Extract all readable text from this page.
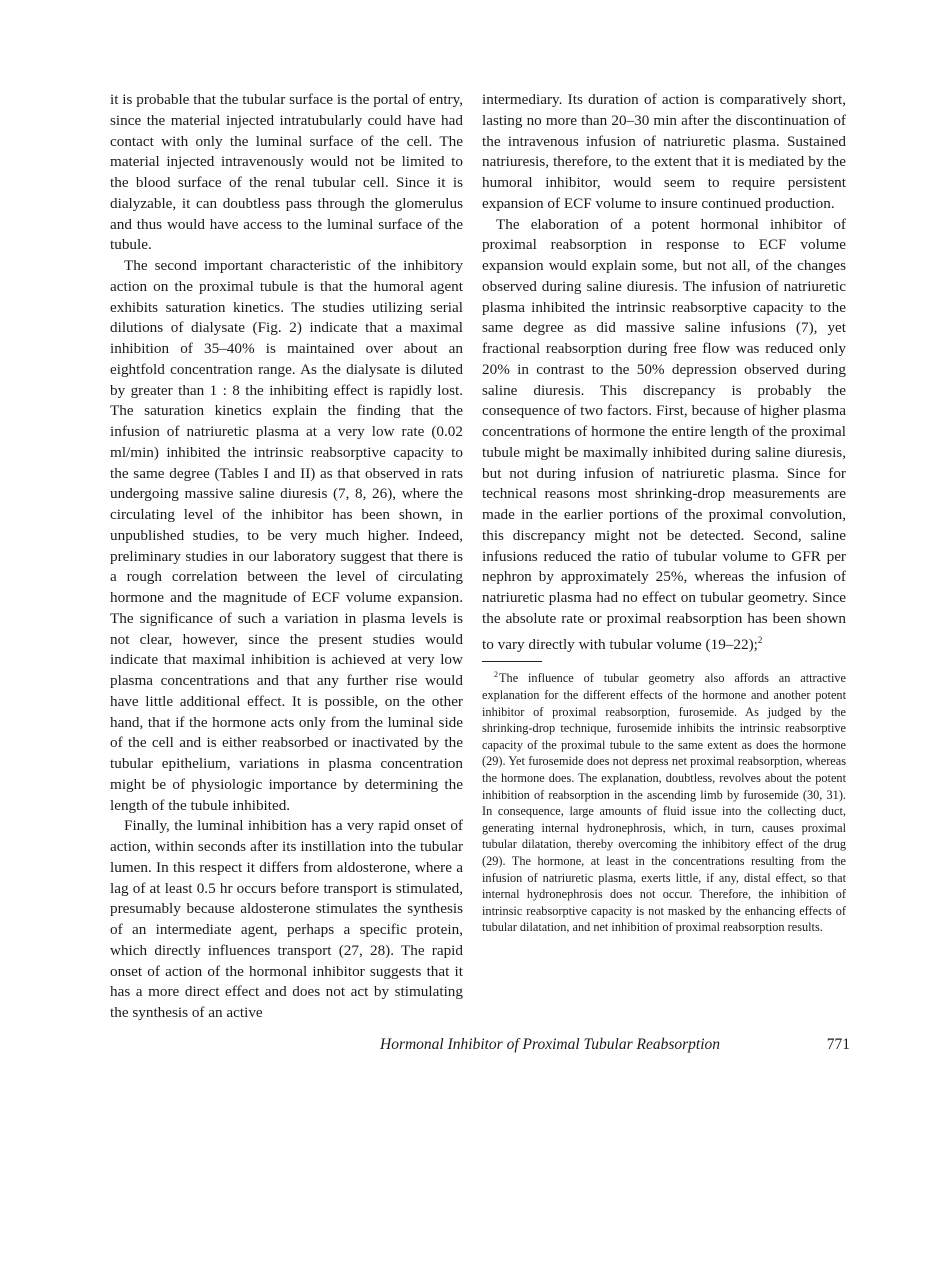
it is probable that the tubular surface is the portal of entry, since the material injected intratubularly could have had contact with only the luminal surface of the cell. The material injected intravenously would not be limited to the blood surface of the renal tubular cell. Since it is dialyzable, it can doubtless pass through the glomerulus and thus would have access to the luminal surface of the tubule.

The second important characteristic of the inhibitory action on the proximal tubule is that the humoral agent exhibits saturation kinetics. The studies utilizing serial dilutions of dialysate (Fig. 2) indicate that a maximal inhibition of 35–40% is maintained over about an eightfold concentration range. As the dialysate is diluted by greater than 1 : 8 the inhibiting effect is rapidly lost. The saturation kinetics explain the finding that the infusion of natriuretic plasma at a very low rate (0.02 ml/min) inhibited the intrinsic reabsorptive capacity to the same degree (Tables I and II) as that observed in rats undergoing massive saline diuresis (7, 8, 26), where the circulating level of the inhibitor has been shown, in unpublished studies, to be very much higher. Indeed, preliminary studies in our laboratory suggest that there is a rough correlation between the level of circulating hormone and the magnitude of ECF volume expansion. The significance of such a variation in plasma levels is not clear, however, since the present studies would indicate that maximal inhibition is achieved at very low plasma concentrations and that any further rise would have little additional effect. It is possible, on the other hand, that if the hormone acts only from the luminal side of the cell and is either reabsorbed or inactivated by the tubular epithelium, variations in plasma concentration might be of physiologic importance by determining the length of the tubule inhibited.

Finally, the luminal inhibition has a very rapid onset of action, within seconds after its instillation into the tubular lumen. In this respect it differs from aldosterone, where a lag of at least 0.5 hr occurs before transport is stimulated, presumably because aldosterone stimulates the synthesis of an intermediate agent, perhaps a specific protein, which directly influences transport (27, 28). The rapid onset of action of the hormonal inhibitor suggests that it has a more direct effect and does not act by stimulating the synthesis of an active

intermediary. Its duration of action is comparatively short, lasting no more than 20–30 min after the discontinuation of the intravenous infusion of natriuretic plasma. Sustained natriuresis, therefore, to the extent that it is mediated by the humoral inhibitor, would seem to require persistent expansion of ECF volume to insure continued production.

The elaboration of a potent hormonal inhibitor of proximal reabsorption in response to ECF volume expansion would explain some, but not all, of the changes observed during saline diuresis. The infusion of natriuretic plasma inhibited the intrinsic reabsorptive capacity to the same degree as did massive saline infusions (7), yet fractional reabsorption during free flow was reduced only 20% in contrast to the 50% depression observed during saline diuresis. This discrepancy is probably the consequence of two factors. First, because of higher plasma concentrations of hormone the entire length of the proximal tubule might be maximally inhibited during saline diuresis, but not during infusion of natriuretic plasma. Since for technical reasons most shrinking-drop measurements are made in the earlier portions of the proximal convolution, this discrepancy might not be detected. Second, saline infusions reduced the ratio of tubular volume to GFR per nephron by approximately 25%, whereas the infusion of natriuretic plasma had no effect on tubular geometry. Since the absolute rate or proximal reabsorption has been shown to vary directly with tubular volume (19–22);$^2$

$^2$ The influence of tubular geometry also affords an attractive explanation for the different effects of the hormone and another potent inhibitor of proximal reabsorption, furosemide. As judged by the shrinking-drop technique, furosemide inhibits the intrinsic reabsorptive capacity of the proximal tubule to the same extent as does the hormone (29). Yet furosemide does not depress net proximal reabsorption, whereas the hormone does. The explanation, doubtless, revolves about the potent inhibition of reabsorption in the ascending limb by furosemide (30, 31). In consequence, large amounts of fluid issue into the collecting duct, generating internal hydronephrosis, which, in turn, causes proximal tubular dilatation, thereby overcoming the inhibitory effect of the drug (29). The hormone, at least in the concentrations resulting from the infusion of natriuretic plasma, exerts little, if any, distal effect, so that internal hydronephrosis does not occur. Therefore, the inhibition of intrinsic reabsorptive capacity is not masked by the enhancing effects of tubular dilatation, and net inhibition of proximal reabsorption results.

Hormonal Inhibitor of Proximal Tubular Reabsorption	771
